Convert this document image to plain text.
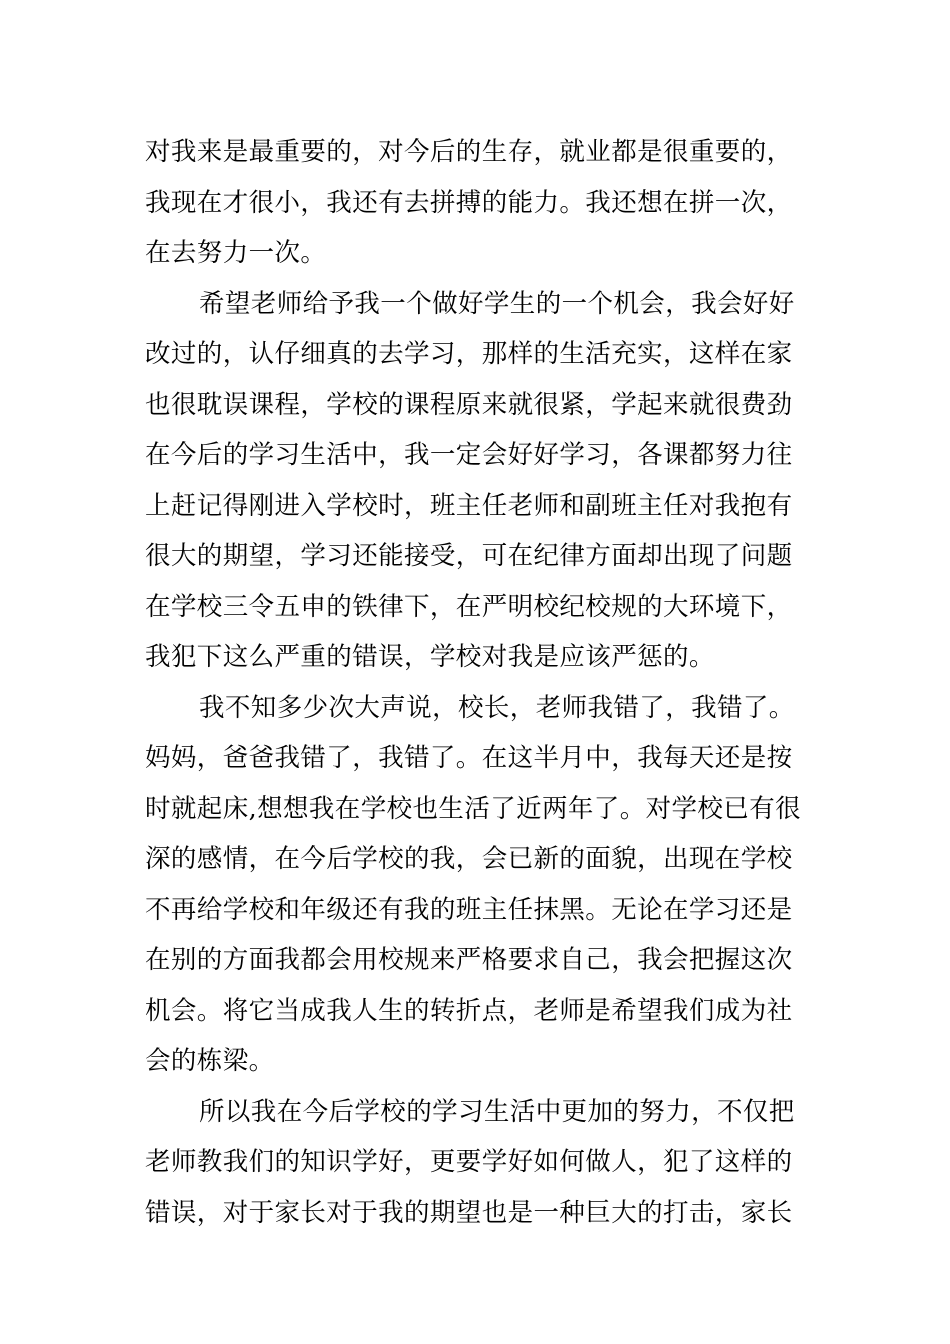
对我来是最重要的，对今后的生存，就业都是很重要的，
我现在才很小，我还有去拼搏的能力。我还想在拼一次，
在去努力一次。
希望老师给予我一个做好学生的一个机会，我会好好
改过的，认仔细真的去学习，那样的生活充实，这样在家
也很耽误课程，学校的课程原来就很紧，学起来就很费劲
在今后的学习生活中，我一定会好好学习，各课都努力往
上赶记得刚进入学校时，班主任老师和副班主任对我抱有
很大的期望，学习还能接受，可在纪律方面却出现了问题
在学校三令五申的铁律下，在严明校纪校规的大环境下，
我犯下这么严重的错误，学校对我是应该严惩的。
我不知多少次大声说，校长，老师我错了，我错了。
妈妈，爸爸我错了，我错了。在这半月中，我每天还是按
时就起床,想想我在学校也生活了近两年了。对学校已有很
深的感情，在今后学校的我，会已新的面貌，出现在学校
不再给学校和年级还有我的班主任抹黑。无论在学习还是
在别的方面我都会用校规来严格要求自己，我会把握这次
机会。将它当成我人生的转折点，老师是希望我们成为社
会的栋梁。
所以我在今后学校的学习生活中更加的努力，不仅把
老师教我们的知识学好，更要学好如何做人，犯了这样的
错误，对于家长对于我的期望也是一种巨大的打击，家长
